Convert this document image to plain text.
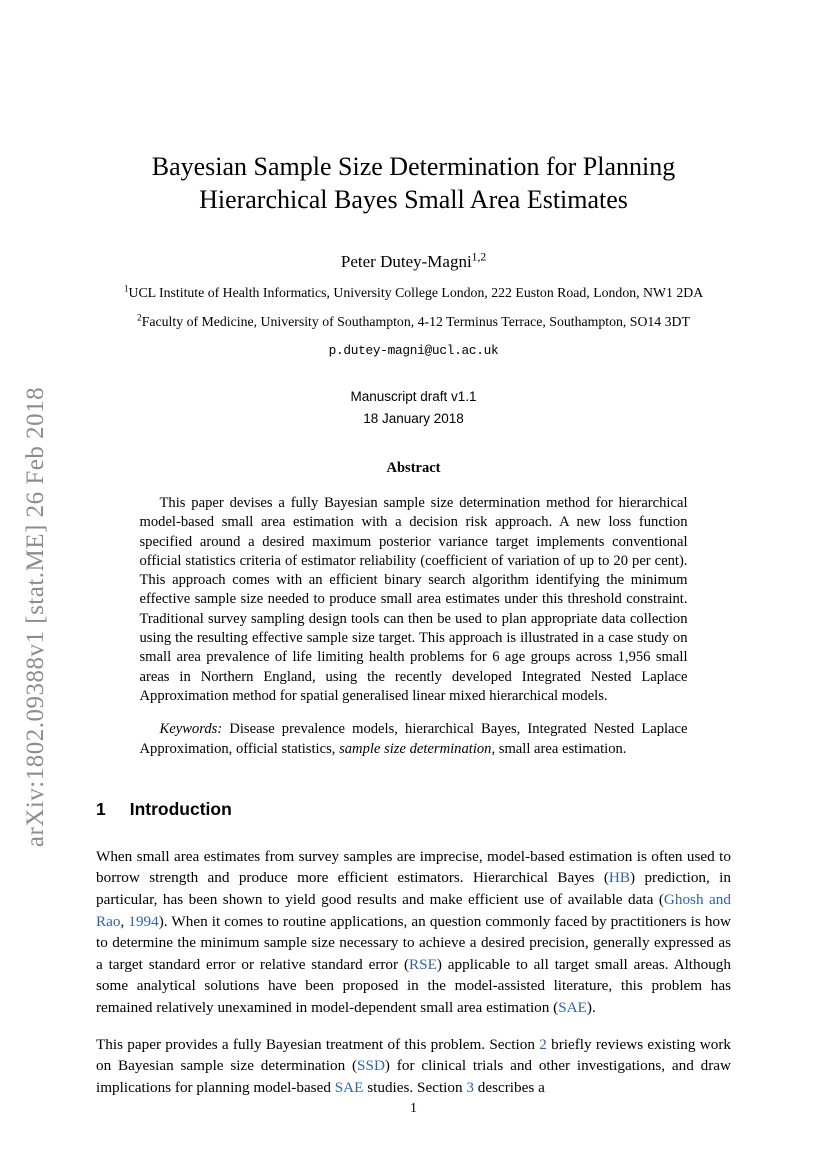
arXiv:1802.09388v1 [stat.ME] 26 Feb 2018
Bayesian Sample Size Determination for Planning
Hierarchical Bayes Small Area Estimates
Peter Dutey-Magni$^{1,2}$
$^1$UCL Institute of Health Informatics, University College London, 222 Euston Road, London, NW1 2DA
$^2$Faculty of Medicine, University of Southampton, 4-12 Terminus Terrace, Southampton, SO14 3DT
p.dutey-magni@ucl.ac.uk
Manuscript draft v1.1
18 January 2018
Abstract

This paper devises a fully Bayesian sample size determination method for hierarchical model-based small area estimation with a decision risk approach. A new loss function specified around a desired maximum posterior variance target implements conventional official statistics criteria of estimator reliability (coefficient of variation of up to 20 per cent). This approach comes with an efficient binary search algorithm identifying the minimum effective sample size needed to produce small area estimates under this threshold constraint. Traditional survey sampling design tools can then be used to plan appropriate data collection using the resulting effective sample size target. This approach is illustrated in a case study on small area prevalence of life limiting health problems for 6 age groups across 1,956 small areas in Northern England, using the recently developed Integrated Nested Laplace Approximation method for spatial generalised linear mixed hierarchical models.

Keywords: Disease prevalence models, hierarchical Bayes, Integrated Nested Laplace Approximation, official statistics, sample size determination, small area estimation.

1 Introduction

When small area estimates from survey samples are imprecise, model-based estimation is often used to borrow strength and produce more efficient estimators. Hierarchical Bayes (HB) prediction, in particular, has been shown to yield good results and make efficient use of available data (Ghosh and Rao, 1994). When it comes to routine applications, an question commonly faced by practitioners is how to determine the minimum sample size necessary to achieve a desired precision, generally expressed as a target standard error or relative standard error (RSE) applicable to all target small areas. Although some analytical solutions have been proposed in the model-assisted literature, this problem has remained relatively unexamined in model-dependent small area estimation (SAE).

This paper provides a fully Bayesian treatment of this problem. Section 2 briefly reviews existing work on Bayesian sample size determination (SSD) for clinical trials and other investigations, and draw implications for planning model-based SAE studies. Section 3 describes a

1
